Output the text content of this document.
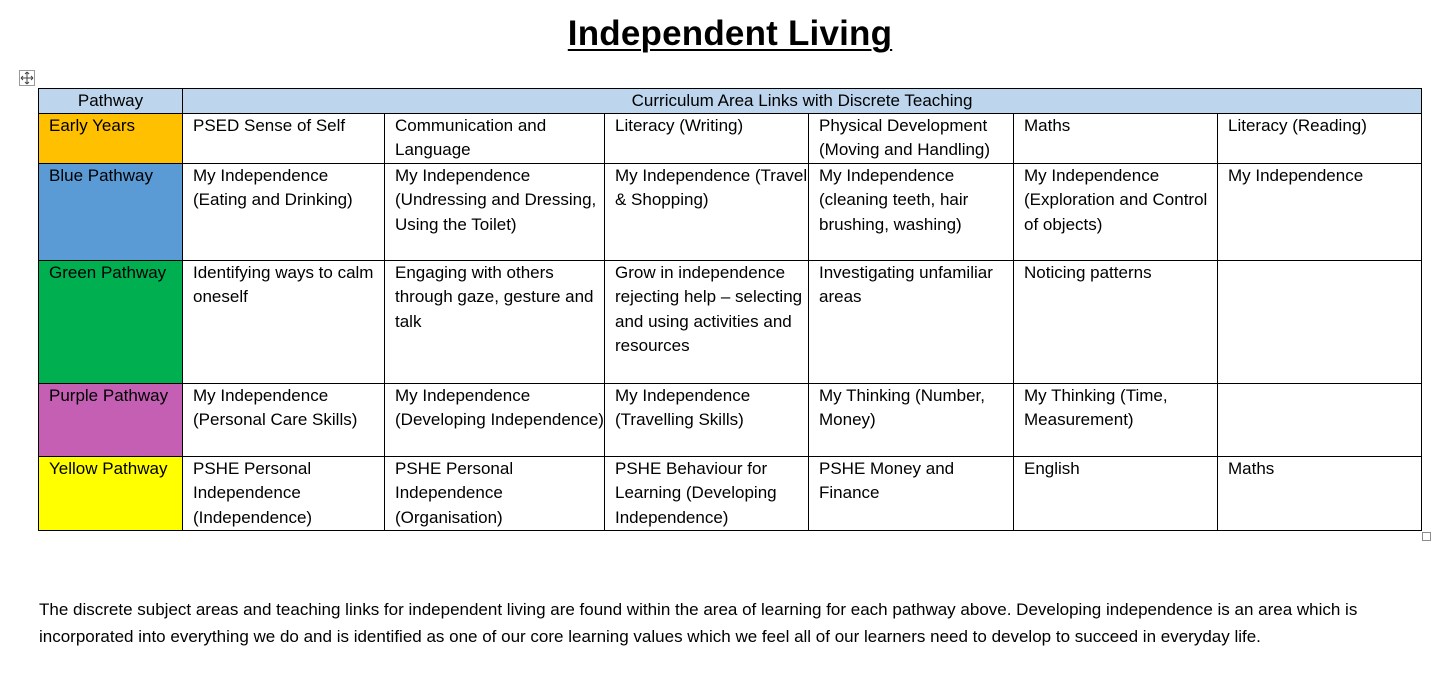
Independent Living
Pathway	Curriculum Area Links with Discrete Teaching					

Early Years	PSED Sense of Self	Communication and Language	Literacy (Writing)	Physical Development (Moving and Handling)	Maths	Literacy (Reading)

Blue Pathway	My Independence (Eating and Drinking)	My Independence (Undressing and Dressing, Using the Toilet)	My Independence (Travel & Shopping)	My Independence (cleaning teeth, hair brushing, washing)	My Independence (Exploration and Control of objects)	My Independence

Green Pathway	Identifying ways to calm oneself	Engaging with others through gaze, gesture and talk	Grow in independence rejecting help – selecting and using activities and resources	Investigating unfamiliar areas	Noticing patterns	

Purple Pathway	My Independence (Personal Care Skills)	My Independence (Developing Independence)	My Independence (Travelling Skills)	My Thinking (Number, Money)	My Thinking (Time, Measurement)	

Yellow Pathway	PSHE Personal Independence (Independence)	PSHE Personal Independence (Organisation)	PSHE Behaviour for Learning (Developing Independence)	PSHE Money and Finance	English	Maths

The discrete subject areas and teaching links for independent living are found within the area of learning for each pathway above. Developing independence is an area which is incorporated into everything we do and is identified as one of our core learning values which we feel all of our learners need to develop to succeed in everyday life.
